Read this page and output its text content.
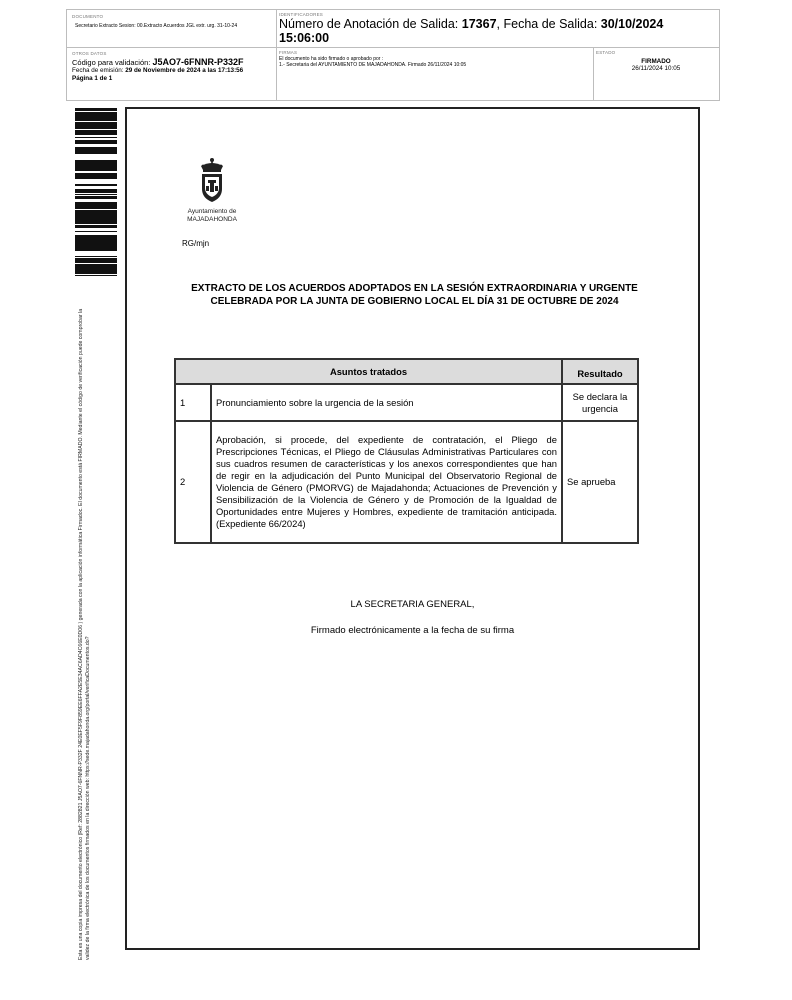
DOCUMENTO
Secretario Extracto Sesion: 00.Extracto Acuerdos JGL extr. urg. 31-10-24
IDENTIFICADORES
Número de Anotación de Salida: 17367, Fecha de Salida: 30/10/2024
15:06:00
OTROS DATOS
Código para validación: J5AO7-6FNNR-P332F
Fecha de emisión: 29 de Noviembre de 2024 a las 17:13:56
Página 1 de 1
FIRMAS
El documento ha sido firmado o aprobado por :
1.- Secretaria del AYUNTAMIENTO DE MAJADAHONDA. Firmado 26/11/2024 10:05
ESTADO
FIRMADO
26/11/2024 10:05
Esta es una copia impresa del documento electrónico (Ref: 2882821 J5AO7-6FNNR-P332F 24E0EF5F9F859EE6FFA2E5E34AC6AD4C66E0D06 ) generada con la aplicación informática Firmadoc. El documento está FIRMADO. Mediante el código de verificación puede comprobar la validez de la firma electrónica de los documentos firmados en la dirección web: https://sede.majadahonda.org/portal/verificaDocumentos.do?
Ayuntamiento de
MAJADAHONDA
RG/mjn
EXTRACTO DE LOS ACUERDOS ADOPTADOS EN LA SESIÓN EXTRAORDINARIA Y URGENTE CELEBRADA POR LA JUNTA DE GOBIERNO LOCAL EL DÍA 31 DE OCTUBRE DE 2024
Asuntos tratados		Resultado
1	Pronunciamiento sobre la urgencia de la sesión	Se declara la urgencia
2	Aprobación, si procede, del expediente de contratación, el Pliego de Prescripciones Técnicas, el Pliego de Cláusulas Administrativas Particulares con sus cuadros resumen de características y los anexos correspondientes que han de regir en la adjudicación del Punto Municipal del Observatorio Regional de Violencia de Género (PMORVG) de Majadahonda; Actuaciones de Prevención y Sensibilización de la Violencia de Género y de Promoción de la Igualdad de Oportunidades entre Mujeres y Hombres, expediente de tramitación anticipada. (Expediente 66/2024)	Se aprueba
LA SECRETARIA GENERAL,
Firmado electrónicamente a la fecha de su firma
